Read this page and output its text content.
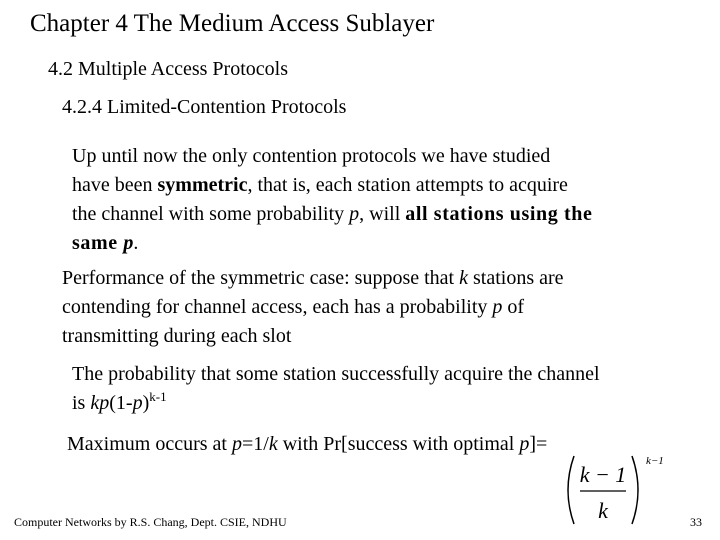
Chapter 4 The Medium Access Sublayer
4.2 Multiple Access Protocols
4.2.4 Limited-Contention Protocols
Up until now the only contention protocols we have studied
have been symmetric, that is, each station attempts to acquire
the channel with some probability p, will all stations using the
same p.
Performance of the symmetric case: suppose that k stations are
contending for channel access, each has a probability p of
transmitting during each slot
The probability that some station successfully acquire the channel
is $kp(1-p)^{k-1}$
Maximum occurs at p=1/k with Pr[success with optimal p]=
k − 1
k
k−1
Computer Networks by R.S. Chang, Dept. CSIE, NDHU	33
